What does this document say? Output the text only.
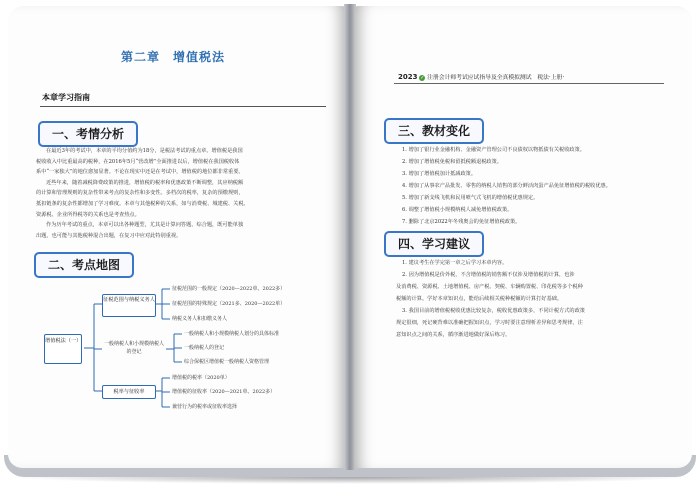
第二章　增值税法
本章学习指南
一、考情分析
在最近3年的考试中，本章的平均分值约为18分，是税法考试的重点章。增值税是我国
税收收入中比重最高的税种，在2016年5月“营改增”全面推进以后，增值税在我国税收体
系中“一家独大”的地位愈加显著。不论在现实中还是在考试中，增值税的地位都非常重要。
近些年来，随着减税降费政策的推进，增值税的税率和优惠政策不断调整，其应纳税额
的计算和管理规则的复杂性带来考点的复杂性和多变性。多档次的税率，复杂的预缴规则，
抵扣链条的复杂性都增加了学习难度。本章与其他税种的关系，如与消费税、城建税、关税、
资源税、企业所得税等的关系也是考查热点。
作为历年考试的重点，本章可以出各种题型，尤其是计算问答题、综合题，既可能单独
出题，也可能与其他税种混合出题，在复习中应对此特别重视。
二、考点地图
增值税法（一）
征税范围与纳税义务人
征税范围的一般规定（2020—2022单、2022多）
征税范围的特殊规定（2021多、2020—2022单）
纳税义务人和扣缴义务人
一般纳税人和小规模纳税人的登记
一般纳税人和小规模纳税人划分的具体标准
一般纳税人的登记
综合保税区增值税一般纳税人资格管理
税率与征收率
增值税的税率（2020单）
增值税的征收率（2020—2021单、2022多）
兼营行为的税率或征收率选择
2023 ✓ 注册会计师考试应试指导及全真模拟测试　税法·上册·
三、教材变化
1. 增加了银行业金融机构、金融资产管理公司不良债权以物抵债有关税收政策。
2. 增加了增值税免税和留抵税额退税政策。
3. 增加了增值税加计抵减政策。
4. 增加了从事农产品批发、零售的纳税人销售的部分鲜活肉蛋产品免征增值税的税收优惠。
5. 增加了新支线飞机和民用喷气式飞机的增值税优惠规定。
6. 调整了增值税小规模纳税人减免增值税政策。
7. 删除了北京2022年冬残奥会的免征增值税政策。
四、学习建议
1. 建议考生在学完第一章之后学习本章内容。
2. 因为增值税是价外税，不含增值税的销售额不仅涉及增值税的计算，也涉
及消费税、资源税、土地增值税、房产税、契税、车辆购置税、印花税等多个税种
税额的计算。学好本章知识点，能给后续相关税种税额的计算打好基础。
3. 我国目前的增值税税收优惠比较复杂，税收优惠政策多，不同计税方式的政策
规定很细，死记硬背难以准确把握知识点，学习时要注意理析差异和思考规律，注
意知识点之间的关系，循序渐进地做好深后练习。
